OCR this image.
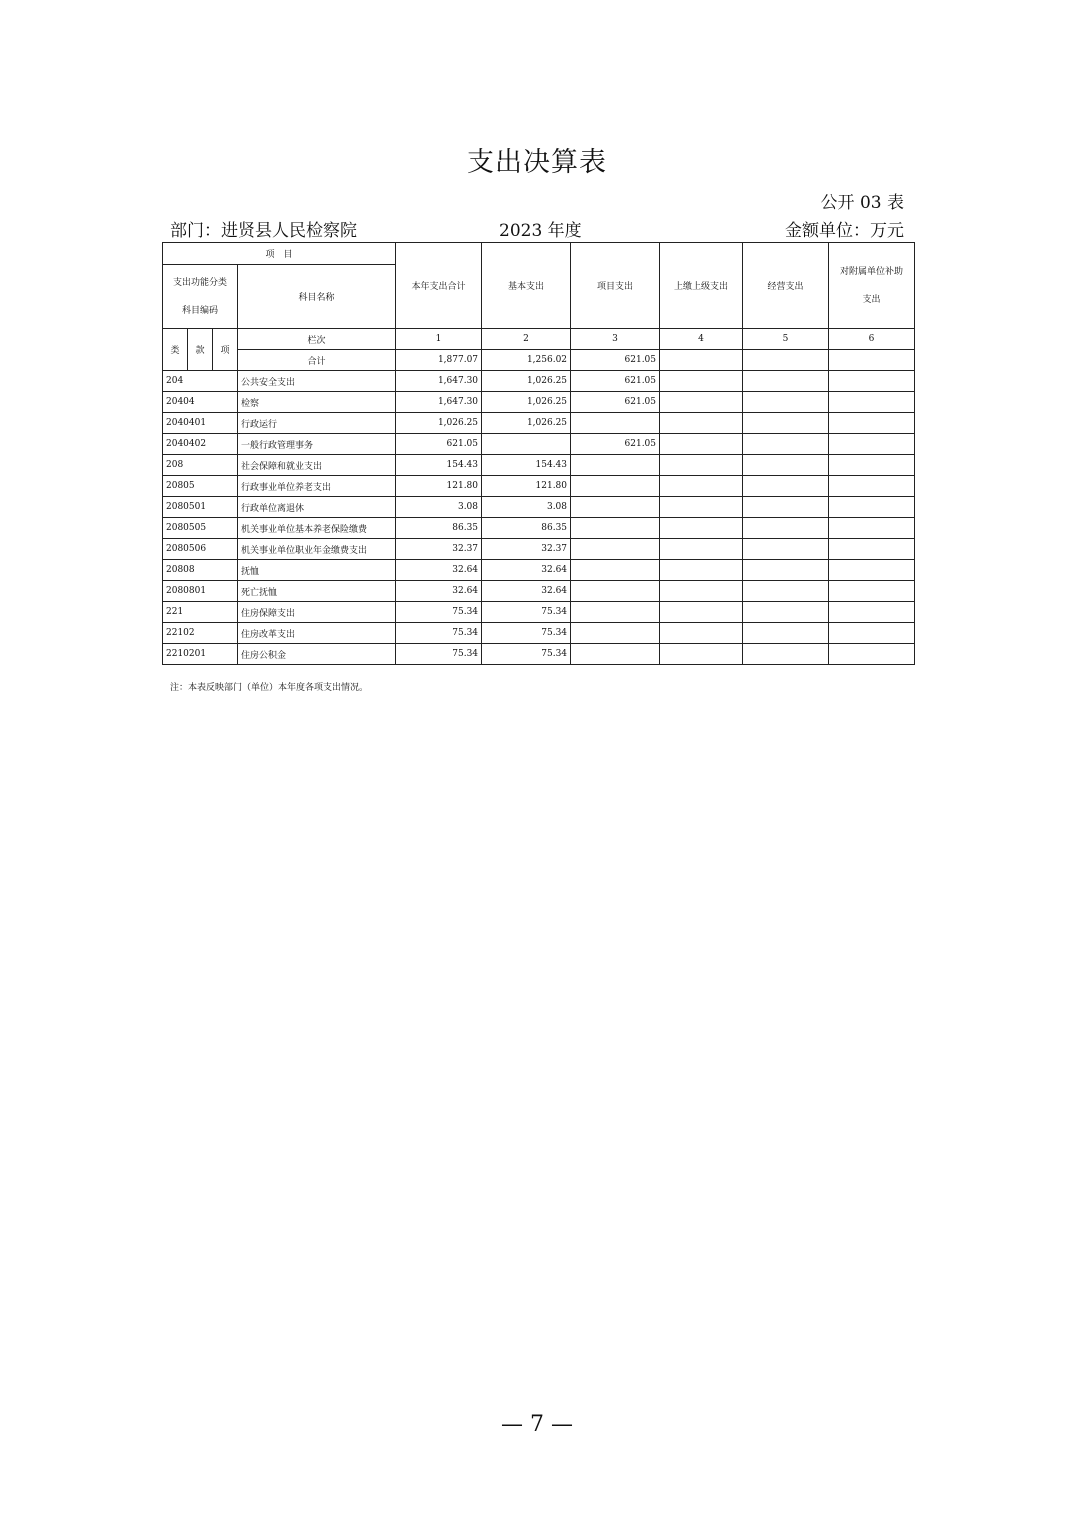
支出决算表
公开 03 表
部门：进贤县人民检察院	2023 年度	金额单位：万元
项　目				本年支出合计	基本支出	项目支出	上缴上级支出	经营支出	对附属单位补助支出

支出功能分类
科目编码			科目名称						
类	款	项	栏次	1	2	3	4	5	6
			合计	1,877.07	1,256.02	621.05			
204			公共安全支出	1,647.30	1,026.25	621.05			
20404			检察	1,647.30	1,026.25	621.05			
2040401			行政运行	1,026.25	1,026.25				
2040402			一般行政管理事务	621.05		621.05			
208			社会保障和就业支出	154.43	154.43				
20805			行政事业单位养老支出	121.80	121.80				
2080501			行政单位离退休	3.08	3.08				
2080505			机关事业单位基本养老保险缴费	86.35	86.35				
2080506			机关事业单位职业年金缴费支出	32.37	32.37				
20808			抚恤	32.64	32.64				
2080801			死亡抚恤	32.64	32.64				
221			住房保障支出	75.34	75.34				
22102			住房改革支出	75.34	75.34				
2210201			住房公积金	75.34	75.34				
注：本表反映部门（单位）本年度各项支出情况。
— 7 —
